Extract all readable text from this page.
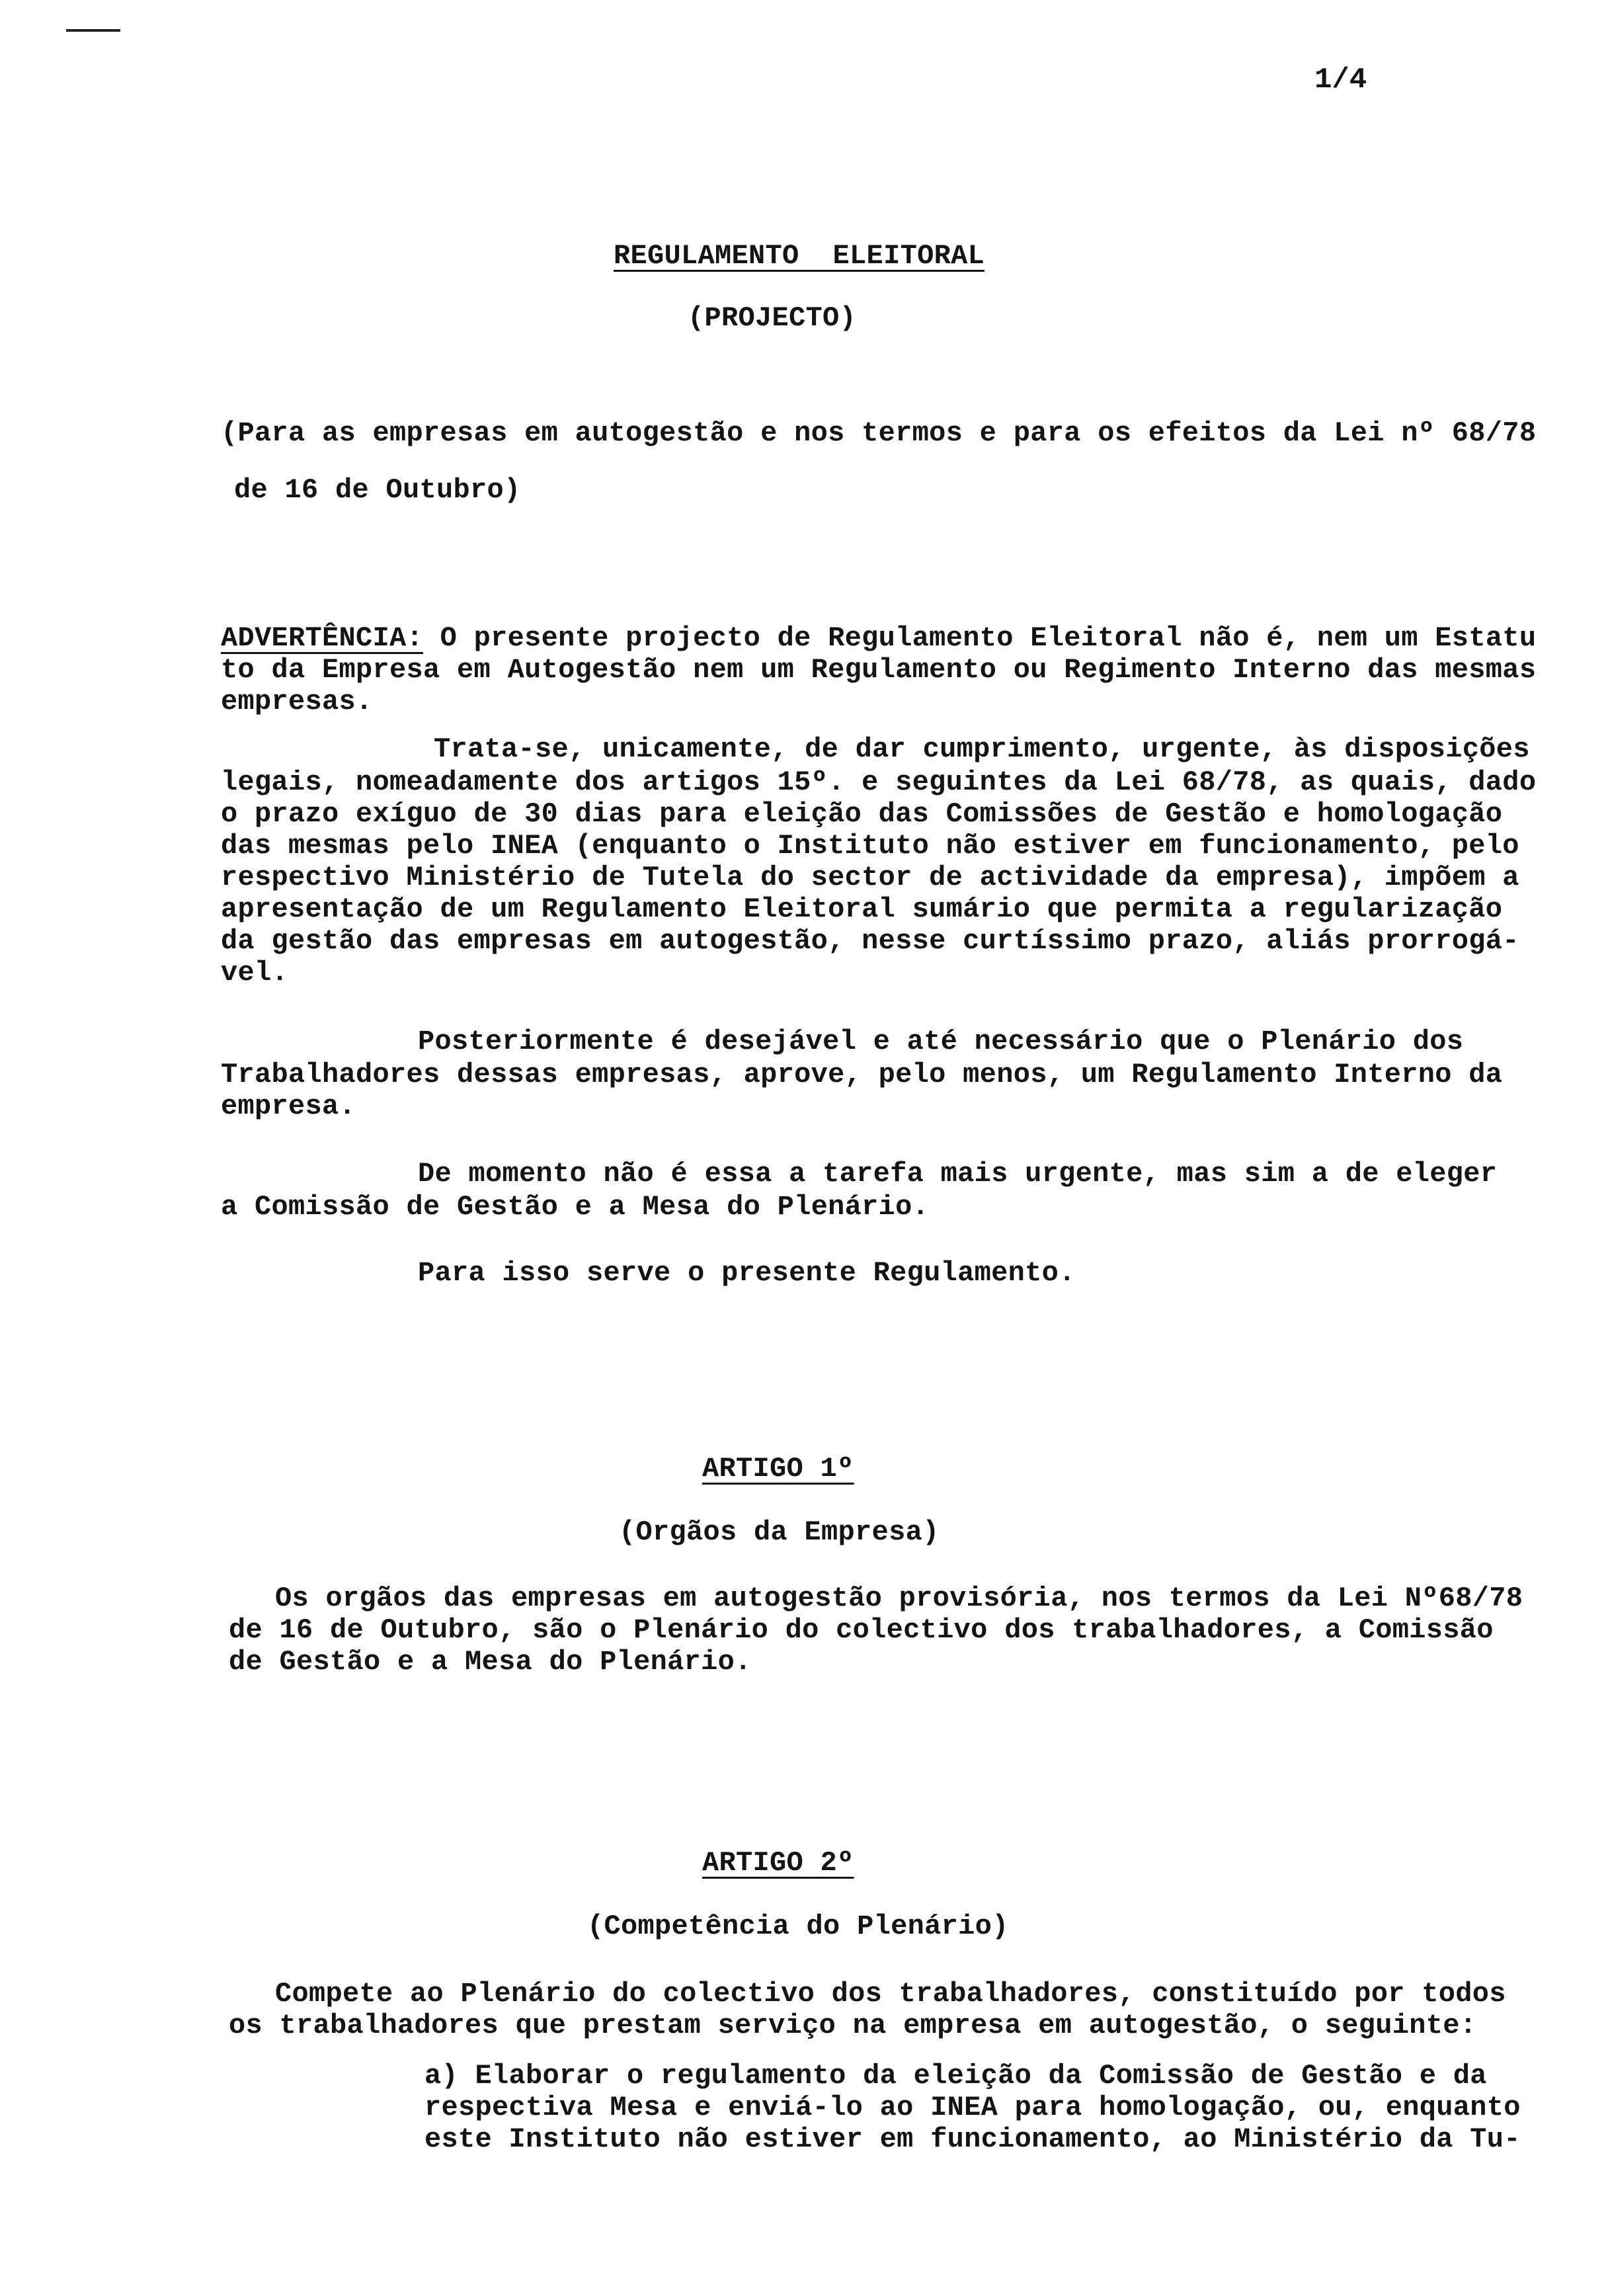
1/4
REGULAMENTO  ELEITORAL
(PROJECTO)
(Para as empresas em autogestão e nos termos e para os efeitos da Lei nº 68/78
de 16 de Outubro)
ADVERTÊNCIA: O presente projecto de Regulamento Eleitoral não é, nem um Estatu
to da Empresa em Autogestão nem um Regulamento ou Regimento Interno das mesmas
empresas.
Trata-se, unicamente, de dar cumprimento, urgente, às disposições
legais, nomeadamente dos artigos 15º. e seguintes da Lei 68/78, as quais, dado
o prazo exíguo de 30 dias para eleição das Comissões de Gestão e homologação
das mesmas pelo INEA (enquanto o Instituto não estiver em funcionamento, pelo
respectivo Ministério de Tutela do sector de actividade da empresa), impõem a
apresentação de um Regulamento Eleitoral sumário que permita a regularização
da gestão das empresas em autogestão, nesse curtíssimo prazo, aliás prorrogá-
vel.
Posteriormente é desejável e até necessário que o Plenário dos
Trabalhadores dessas empresas, aprove, pelo menos, um Regulamento Interno da
empresa.
De momento não é essa a tarefa mais urgente, mas sim a de eleger
a Comissão de Gestão e a Mesa do Plenário.
Para isso serve o presente Regulamento.
ARTIGO 1º
(Orgãos da Empresa)
Os orgãos das empresas em autogestão provisória, nos termos da Lei Nº68/78
de 16 de Outubro, são o Plenário do colectivo dos trabalhadores, a Comissão
de Gestão e a Mesa do Plenário.
ARTIGO 2º
(Competência do Plenário)
Compete ao Plenário do colectivo dos trabalhadores, constituído por todos
os trabalhadores que prestam serviço na empresa em autogestão, o seguinte:
a) Elaborar o regulamento da eleição da Comissão de Gestão e da
respectiva Mesa e enviá-lo ao INEA para homologação, ou, enquanto
este Instituto não estiver em funcionamento, ao Ministério da Tu-
